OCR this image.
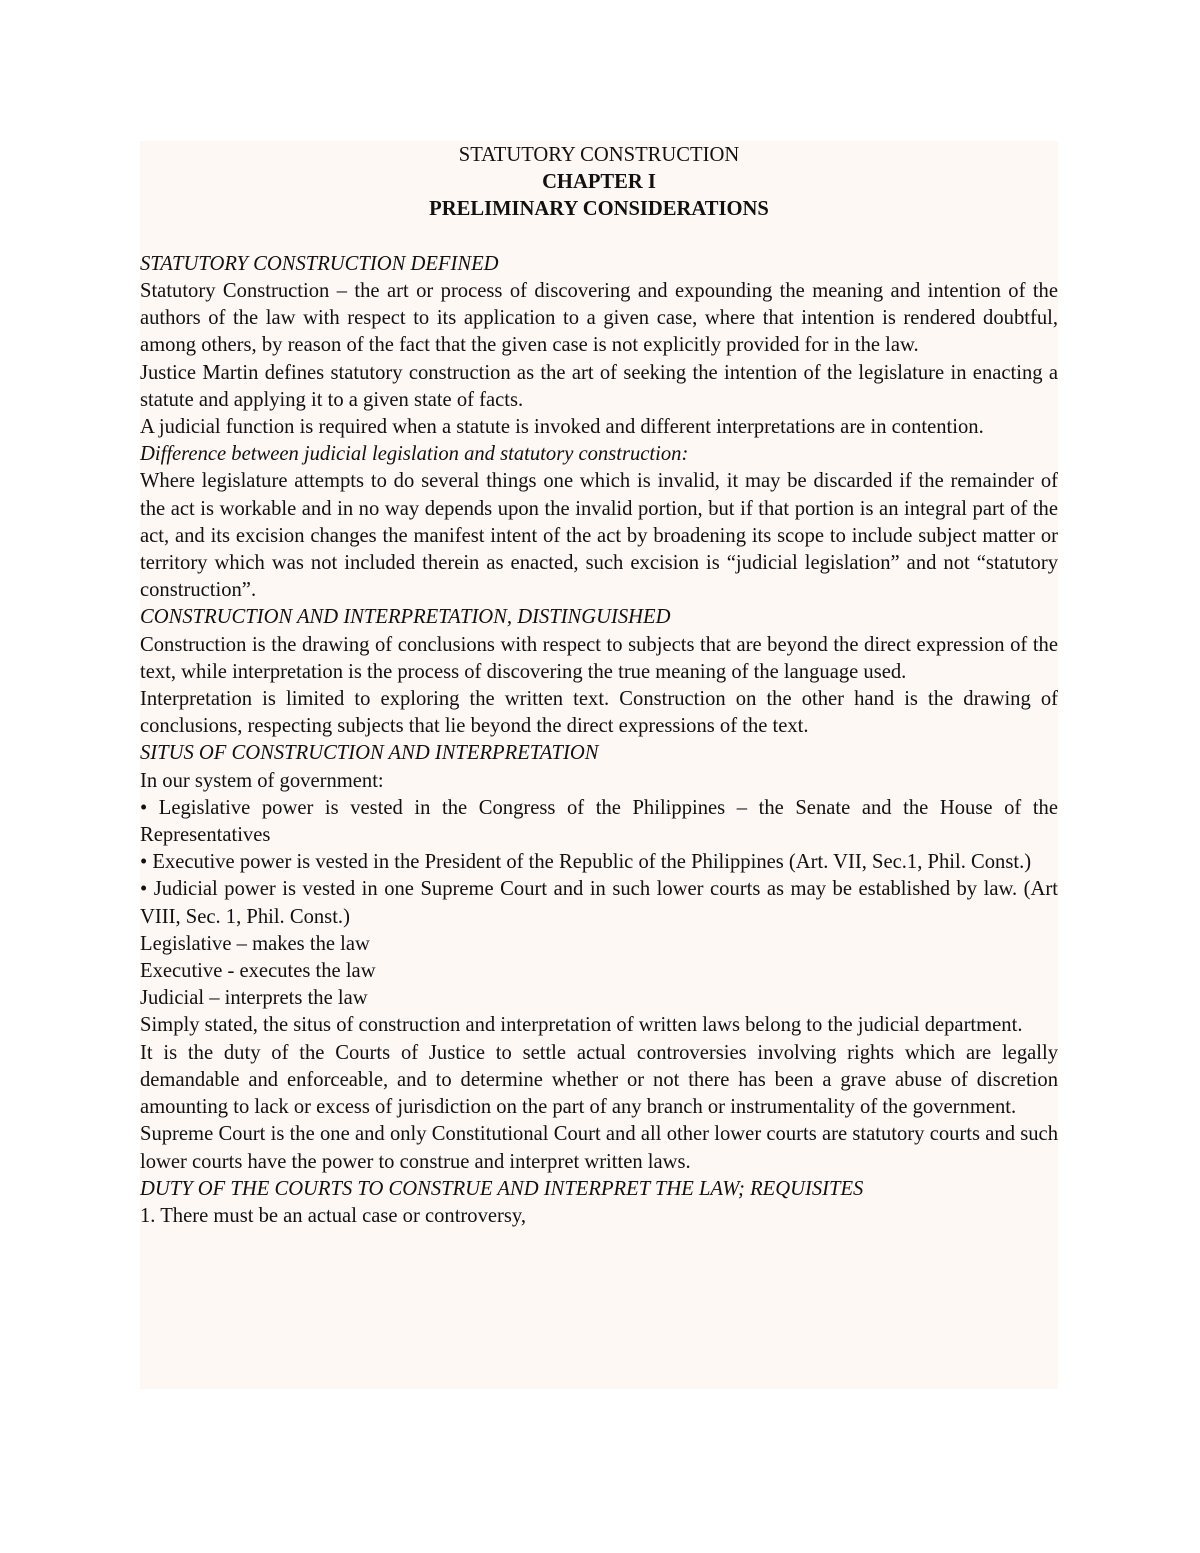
STATUTORY CONSTRUCTION
CHAPTER I
PRELIMINARY CONSIDERATIONS
STATUTORY CONSTRUCTION DEFINED
Statutory Construction – the art or process of discovering and expounding the meaning and intention of the authors of the law with respect to its application to a given case, where that intention is rendered doubtful, among others, by reason of the fact that the given case is not explicitly provided for in the law.
Justice Martin defines statutory construction as the art of seeking the intention of the legislature in enacting a statute and applying it to a given state of facts.
A judicial function is required when a statute is invoked and different interpretations are in contention.
Difference between judicial legislation and statutory construction:
Where legislature attempts to do several things one which is invalid, it may be discarded if the remainder of the act is workable and in no way depends upon the invalid portion, but if that portion is an integral part of the act, and its excision changes the manifest intent of the act by broadening its scope to include subject matter or territory which was not included therein as enacted, such excision is “judicial legislation” and not “statutory construction”.
CONSTRUCTION AND INTERPRETATION, DISTINGUISHED
Construction is the drawing of conclusions with respect to subjects that are beyond the direct expression of the text, while interpretation is the process of discovering the true meaning of the language used.
Interpretation is limited to exploring the written text. Construction on the other hand is the drawing of conclusions, respecting subjects that lie beyond the direct expressions of the text.
SITUS OF CONSTRUCTION AND INTERPRETATION
In our system of government:
• Legislative power is vested in the Congress of the Philippines – the Senate and the House of the Representatives
• Executive power is vested in the President of the Republic of the Philippines (Art. VII, Sec.1, Phil. Const.)
• Judicial power is vested in one Supreme Court and in such lower courts as may be established by law. (Art VIII, Sec. 1, Phil. Const.)
Legislative – makes the law
Executive - executes the law
Judicial – interprets the law
Simply stated, the situs of construction and interpretation of written laws belong to the judicial department.
It is the duty of the Courts of Justice to settle actual controversies involving rights which are legally demandable and enforceable, and to determine whether or not there has been a grave abuse of discretion amounting to lack or excess of jurisdiction on the part of any branch or instrumentality of the government.
Supreme Court is the one and only Constitutional Court and all other lower courts are statutory courts and such lower courts have the power to construe and interpret written laws.
DUTY OF THE COURTS TO CONSTRUE AND INTERPRET THE LAW; REQUISITES
1. There must be an actual case or controversy,
